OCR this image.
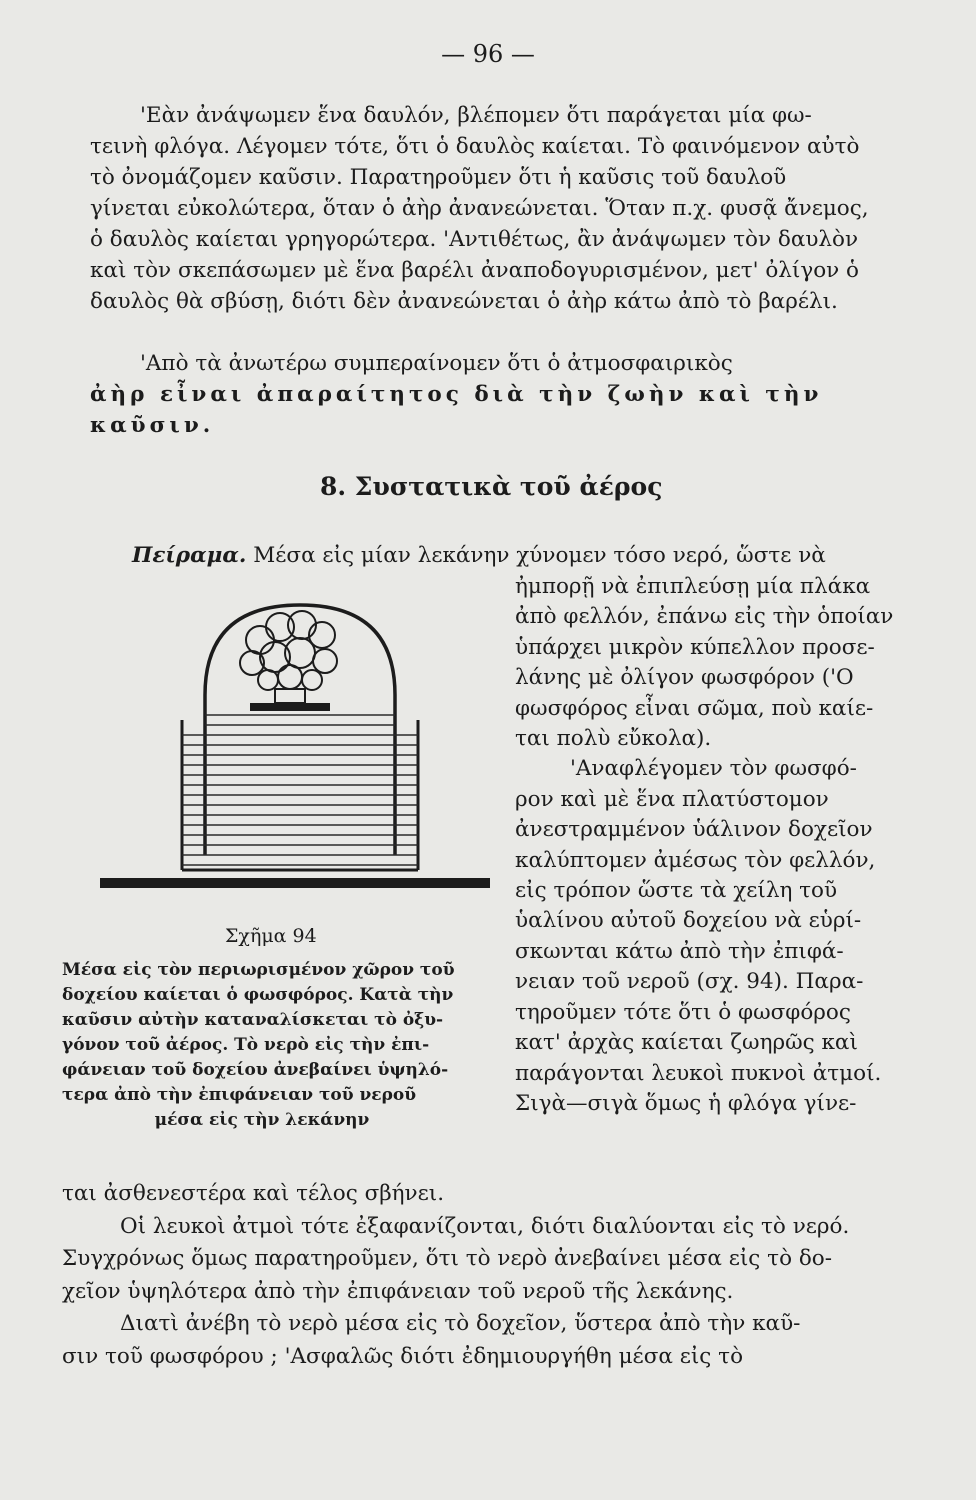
— 96 —

'Εὰν ἀνάψωμεν ἕνα δαυλόν, βλέπομεν ὅτι παράγεται μία φω-
τεινὴ φλόγα. Λέγομεν τότε, ὅτι ὁ δαυλὸς καίεται. Τὸ φαινόμενον αὐτὸ
τὸ ὀνομάζομεν καῦσιν. Παρατηροῦμεν ὅτι ἡ καῦσις τοῦ δαυλοῦ
γίνεται εὐκολώτερα, ὅταν ὁ ἀὴρ ἀνανεώνεται. Ὅταν π.χ. φυσᾷ ἄνεμος,
ὁ δαυλὸς καίεται γρηγορώτερα. 'Αντιθέτως, ἂν ἀνάψωμεν τὸν δαυλὸν
καὶ τὸν σκεπάσωμεν μὲ ἕνα βαρέλι ἀναποδογυρισμένον, μετ' ὀλίγον ὁ
δαυλὸς θὰ σβύσῃ, διότι δὲν ἀνανεώνεται ὁ ἀὴρ κάτω ἀπὸ τὸ βαρέλι.

'Απὸ τὰ ἀνωτέρω συμπεραίνομεν ὅτι ὁ ἀτμοσφαιρικὸς
ἀὴρ εἶναι ἀπαραίτητος διὰ τὴν ζωὴν καὶ τὴν
καῦσιν.

8. Συστατικὰ τοῦ ἀέρος

Πείραμα. Μέσα εἰς μίαν λεκάνην χύνομεν τόσο νερό, ὥστε νὰ

ἠμπορῇ νὰ ἐπιπλεύσῃ μία πλάκα
ἀπὸ φελλόν, ἐπάνω εἰς τὴν ὁποίαν
ὑπάρχει μικρὸν κύπελλον προσε-
λάνης μὲ ὀλίγον φωσφόρον ('Ο
φωσφόρος εἶναι σῶμα, ποὺ καίε-
ται πολὺ εὔκολα).
'Αναφλέγομεν τὸν φωσφό-
ρον καὶ μὲ ἕνα πλατύστομον
ἀνεστραμμένον ὑάλινον δοχεῖον
καλύπτομεν ἀμέσως τὸν φελλόν,
εἰς τρόπον ὥστε τὰ χείλη τοῦ
ὑαλίνου αὐτοῦ δοχείου νὰ εὑρί-
σκωνται κάτω ἀπὸ τὴν ἐπιφά-
νειαν τοῦ νεροῦ (σχ. 94). Παρα-
τηροῦμεν τότε ὅτι ὁ φωσφόρος
κατ' ἀρχὰς καίεται ζωηρῶς καὶ
παράγονται λευκοὶ πυκνοὶ ἀτμοί.
Σιγὰ—σιγὰ ὅμως ἡ φλόγα γίνε-

Σχῆμα 94

Μέσα εἰς τὸν περιωρισμένον χῶρον τοῦ
δοχείου καίεται ὁ φωσφόρος. Κατὰ τὴν
καῦσιν αὐτὴν καταναλίσκεται τὸ ὀξυ-
γόνον τοῦ ἀέρος. Τὸ νερὸ εἰς τὴν ἐπι-
φάνειαν τοῦ δοχείου ἀνεβαίνει ὑψηλό-
τερα ἀπὸ τὴν ἐπιφάνειαν τοῦ νεροῦ
μέσα εἰς τὴν λεκάνην

ται ἀσθενεστέρα καὶ τέλος σβήνει.
Οἱ λευκοὶ ἀτμοὶ τότε ἐξαφανίζονται, διότι διαλύονται εἰς τὸ νερό.
Συγχρόνως ὅμως παρατηροῦμεν, ὅτι τὸ νερὸ ἀνεβαίνει μέσα εἰς τὸ δο-
χεῖον ὑψηλότερα ἀπὸ τὴν ἐπιφάνειαν τοῦ νεροῦ τῆς λεκάνης.
Διατὶ ἀνέβη τὸ νερὸ μέσα εἰς τὸ δοχεῖον, ὕστερα ἀπὸ τὴν καῦ-
σιν τοῦ φωσφόρου ; 'Ασφαλῶς διότι ἐδημιουργήθη μέσα εἰς τὸ
